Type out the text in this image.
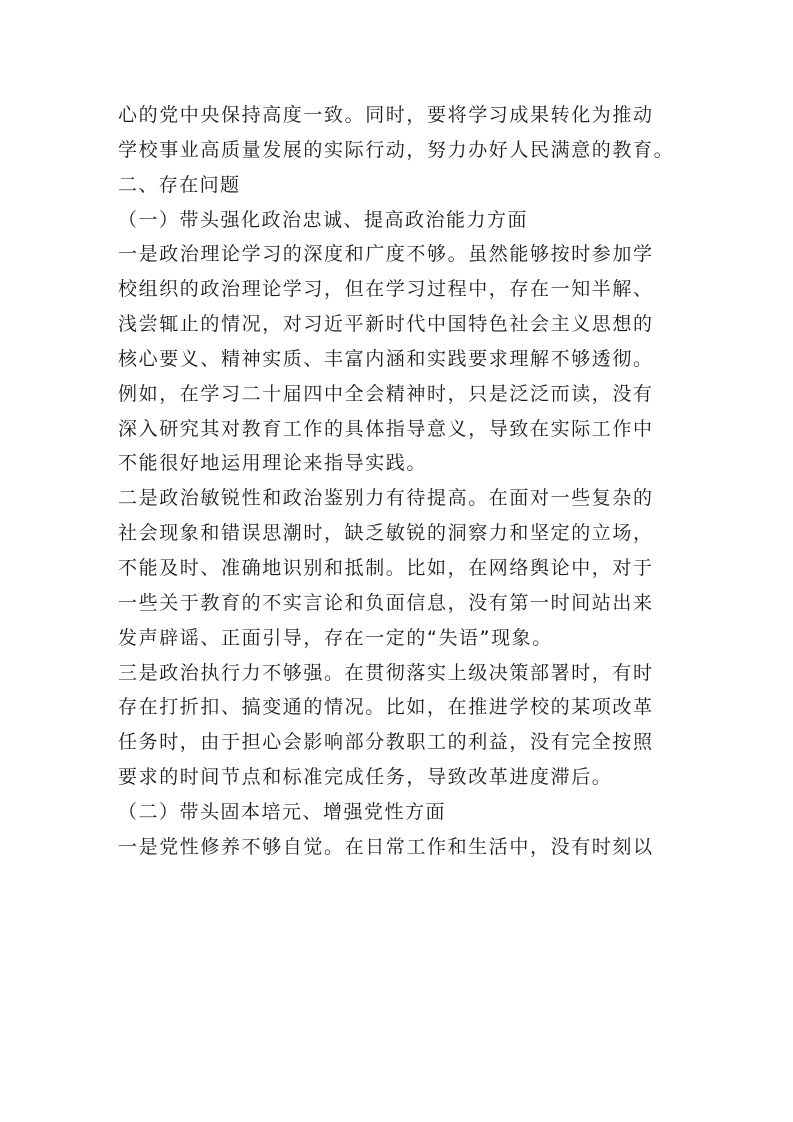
心的党中央保持高度一致。同时，要将学习成果转化为推动
学校事业高质量发展的实际行动，努力办好人民满意的教育。
二、存在问题
（一）带头强化政治忠诚、提高政治能力方面
一是政治理论学习的深度和广度不够。虽然能够按时参加学
校组织的政治理论学习，但在学习过程中，存在一知半解、
浅尝辄止的情况，对习近平新时代中国特色社会主义思想的
核心要义、精神实质、丰富内涵和实践要求理解不够透彻。
例如，在学习二十届四中全会精神时，只是泛泛而读，没有
深入研究其对教育工作的具体指导意义，导致在实际工作中
不能很好地运用理论来指导实践。
二是政治敏锐性和政治鉴别力有待提高。在面对一些复杂的
社会现象和错误思潮时，缺乏敏锐的洞察力和坚定的立场，
不能及时、准确地识别和抵制。比如，在网络舆论中，对于
一些关于教育的不实言论和负面信息，没有第一时间站出来
发声辟谣、正面引导，存在一定的“失语”现象。
三是政治执行力不够强。在贯彻落实上级决策部署时，有时
存在打折扣、搞变通的情况。比如，在推进学校的某项改革
任务时，由于担心会影响部分教职工的利益，没有完全按照
要求的时间节点和标准完成任务，导致改革进度滞后。
（二）带头固本培元、增强党性方面
一是党性修养不够自觉。在日常工作和生活中，没有时刻以
